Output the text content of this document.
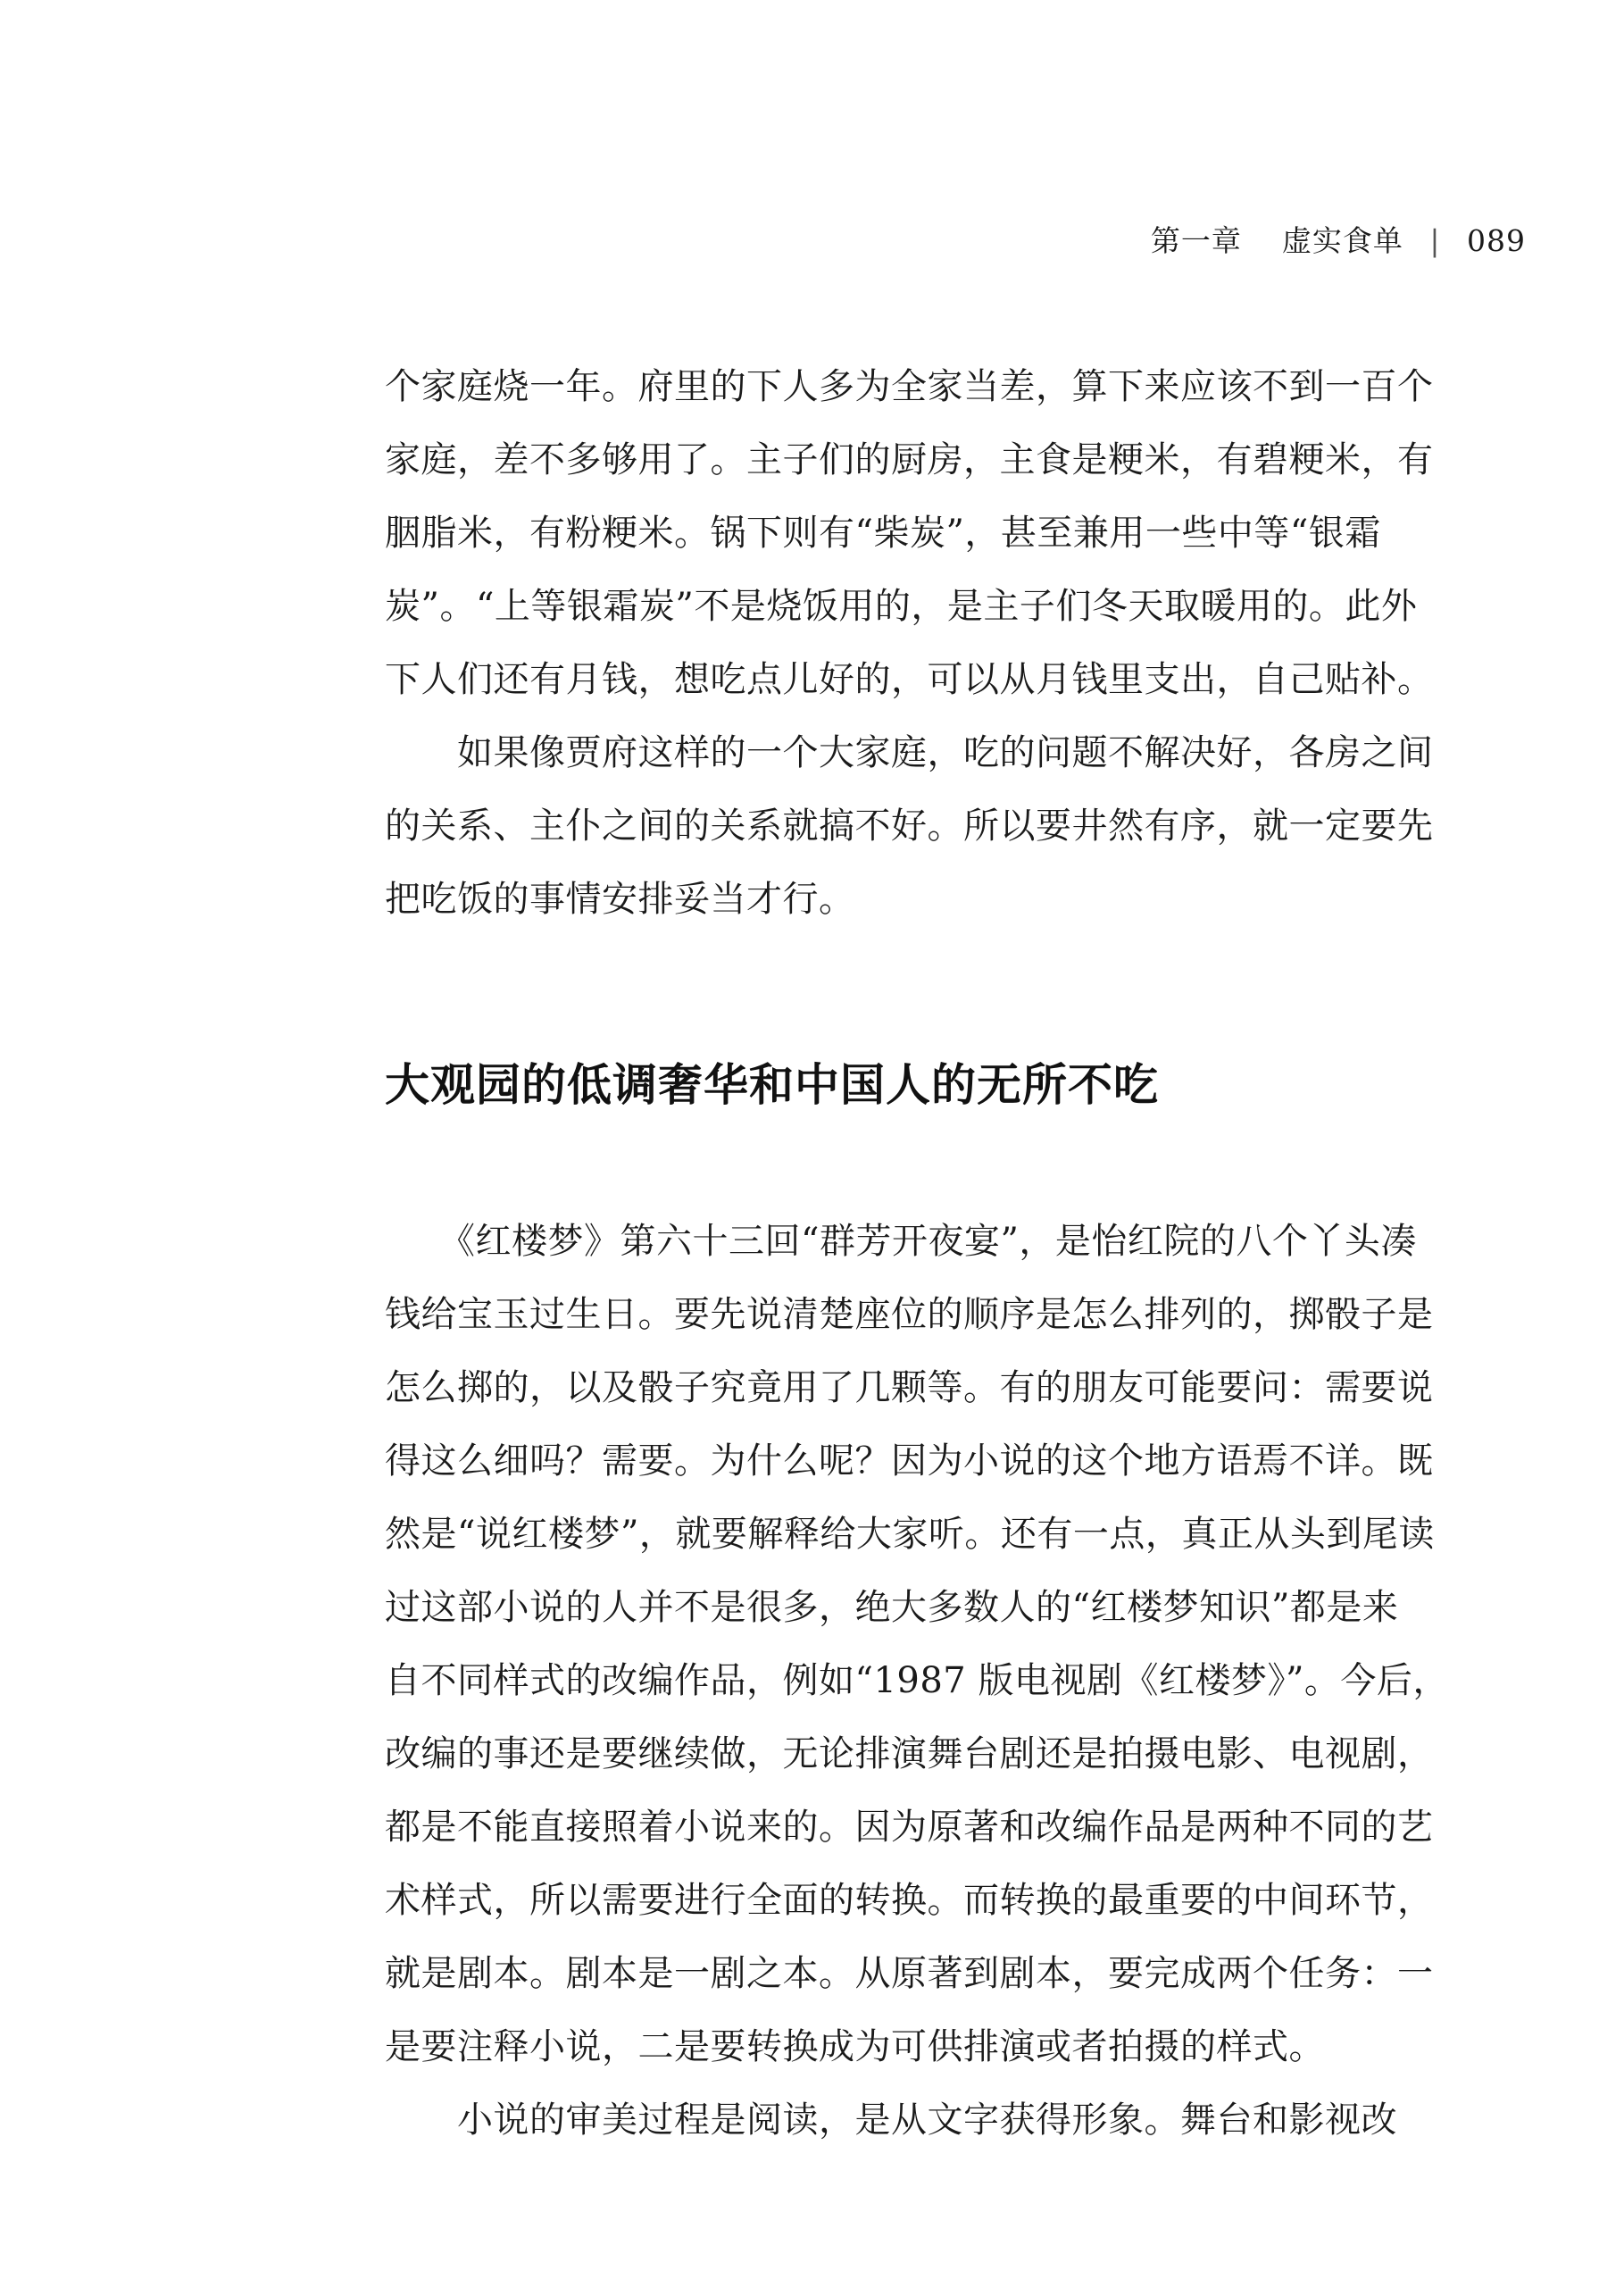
第一章 虚实食单 | 089
个家庭烧一年。府里的下人多为全家当差，算下来应该不到一百个
家庭，差不多够用了。主子们的厨房，主食是粳米，有碧粳米，有
胭脂米，有粉粳米。锅下则有“柴炭”，甚至兼用一些中等“银霜
炭”。“上等银霜炭”不是烧饭用的，是主子们冬天取暖用的。此外
下人们还有月钱，想吃点儿好的，可以从月钱里支出，自己贴补。
　　如果像贾府这样的一个大家庭，吃的问题不解决好，各房之间
的关系、主仆之间的关系就搞不好。所以要井然有序，就一定要先
把吃饭的事情安排妥当才行。
大观园的低调奢华和中国人的无所不吃
　　《红楼梦》第六十三回“群芳开夜宴”，是怡红院的八个丫头凑
钱给宝玉过生日。要先说清楚座位的顺序是怎么排列的，掷骰子是
怎么掷的，以及骰子究竟用了几颗等。有的朋友可能要问：需要说
得这么细吗？需要。为什么呢？因为小说的这个地方语焉不详。既
然是“说红楼梦”，就要解释给大家听。还有一点，真正从头到尾读
过这部小说的人并不是很多，绝大多数人的“红楼梦知识”都是来
自不同样式的改编作品，例如“1987 版电视剧《红楼梦》”。今后，
改编的事还是要继续做，无论排演舞台剧还是拍摄电影、电视剧，
都是不能直接照着小说来的。因为原著和改编作品是两种不同的艺
术样式，所以需要进行全面的转换。而转换的最重要的中间环节，
就是剧本。剧本是一剧之本。从原著到剧本，要完成两个任务：一
是要注释小说，二是要转换成为可供排演或者拍摄的样式。
　　小说的审美过程是阅读，是从文字获得形象。舞台和影视改
